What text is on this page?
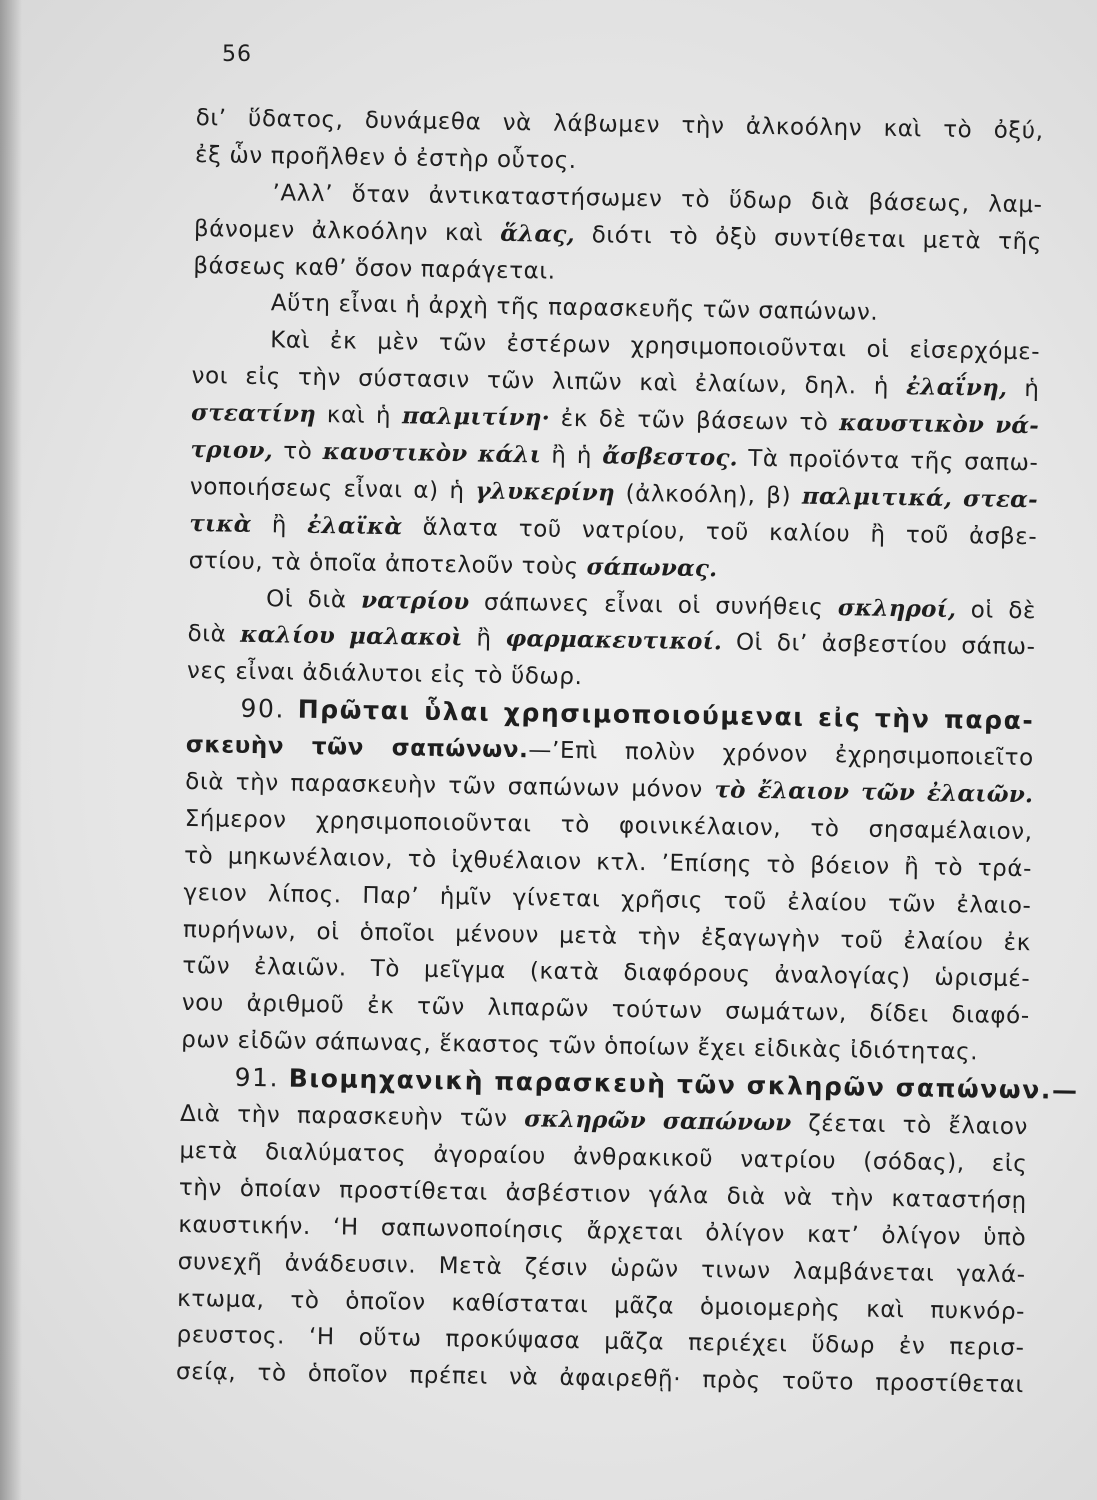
56
δι’ ὕδατος, δυνάμεθα νὰ λάβωμεν τὴν ἀλκοόλην καὶ τὸ ὀξύ,
ἐξ ὧν προῆλθεν ὁ ἐστὴρ οὗτος.
’Αλλ’ ὅταν ἀντικαταστήσωμεν τὸ ὕδωρ διὰ βάσεως, λαμ-
βάνομεν ἀλκοόλην καὶ ἅλας, διότι τὸ ὀξὺ συντίθεται μετὰ τῆς
βάσεως καθ’ ὅσον παράγεται.
Αὕτη εἶναι ἡ ἀρχὴ τῆς παρασκευῆς τῶν σαπώνων.
Καὶ ἐκ μὲν τῶν ἐστέρων χρησιμοποιοῦνται οἱ εἰσερχόμε-
νοι εἰς τὴν σύστασιν τῶν λιπῶν καὶ ἐλαίων, δηλ. ἡ ἐλαΐνη, ἡ
στεατίνη καὶ ἡ παλμιτίνη· ἐκ δὲ τῶν βάσεων τὸ καυστικὸν νά-
τριον, τὸ καυστικὸν κάλι ἢ ἡ ἄσβεστος. Τὰ προϊόντα τῆς σαπω-
νοποιήσεως εἶναι α) ἡ γλυκερίνη (ἀλκοόλη), β) παλμιτικά, στεα-
τικὰ ἢ ἐλαϊκὰ ἅλατα τοῦ νατρίου, τοῦ καλίου ἢ τοῦ ἀσβε-
στίου, τὰ ὁποῖα ἀποτελοῦν τοὺς σάπωνας.
Οἱ διὰ νατρίου σάπωνες εἶναι οἱ συνήθεις σκληροί, οἱ δὲ
διὰ καλίου μαλακοὶ ἢ φαρμακευτικοί. Οἱ δι’ ἀσβεστίου σάπω-
νες εἶναι ἀδιάλυτοι εἰς τὸ ὕδωρ.
90. Πρῶται ὗλαι χρησιμοποιούμεναι εἰς τὴν παρα-
σκευὴν τῶν σαπώνων.—’Επὶ πολὺν χρόνον ἐχρησιμοποιεῖτο
διὰ τὴν παρασκευὴν τῶν σαπώνων μόνον τὸ ἔλαιον τῶν ἐλαιῶν.
Σήμερον χρησιμοποιοῦνται τὸ φοινικέλαιον, τὸ σησαμέλαιον,
τὸ μηκωνέλαιον, τὸ ἰχθυέλαιον κτλ. ’Επίσης τὸ βόειον ἢ τὸ τρά-
γειον λίπος. Παρ’ ἡμῖν γίνεται χρῆσις τοῦ ἐλαίου τῶν ἐλαιο-
πυρήνων, οἱ ὁποῖοι μένουν μετὰ τὴν ἐξαγωγὴν τοῦ ἐλαίου ἐκ
τῶν ἐλαιῶν. Τὸ μεῖγμα (κατὰ διαφόρους ἀναλογίας) ὡρισμέ-
νου ἀριθμοῦ ἐκ τῶν λιπαρῶν τούτων σωμάτων, δίδει διαφό-
ρων εἰδῶν σάπωνας, ἕκαστος τῶν ὁποίων ἔχει εἰδικὰς ἰδιότητας.
91. Βιομηχανικὴ παρασκευὴ τῶν σκληρῶν σαπώνων.—
Διὰ τὴν παρασκευὴν τῶν σκληρῶν σαπώνων ζέεται τὸ ἔλαιον
μετὰ διαλύματος ἀγοραίου ἀνθρακικοῦ νατρίου (σόδας), εἰς
τὴν ὁποίαν προστίθεται ἀσβέστιον γάλα διὰ νὰ τὴν καταστήσῃ
καυστικήν. ‘Η σαπωνοποίησις ἄρχεται ὀλίγον κατ’ ὀλίγον ὑπὸ
συνεχῆ ἀνάδευσιν. Μετὰ ζέσιν ὡρῶν τινων λαμβάνεται γαλά-
κτωμα, τὸ ὁποῖον καθίσταται μᾶζα ὁμοιομερὴς καὶ πυκνόρ-
ρευστος. ‘Η οὕτω προκύψασα μᾶζα περιέχει ὕδωρ ἐν περισ-
σείᾳ, τὸ ὁποῖον πρέπει νὰ ἀφαιρεθῇ· πρὸς τοῦτο προστίθεται
